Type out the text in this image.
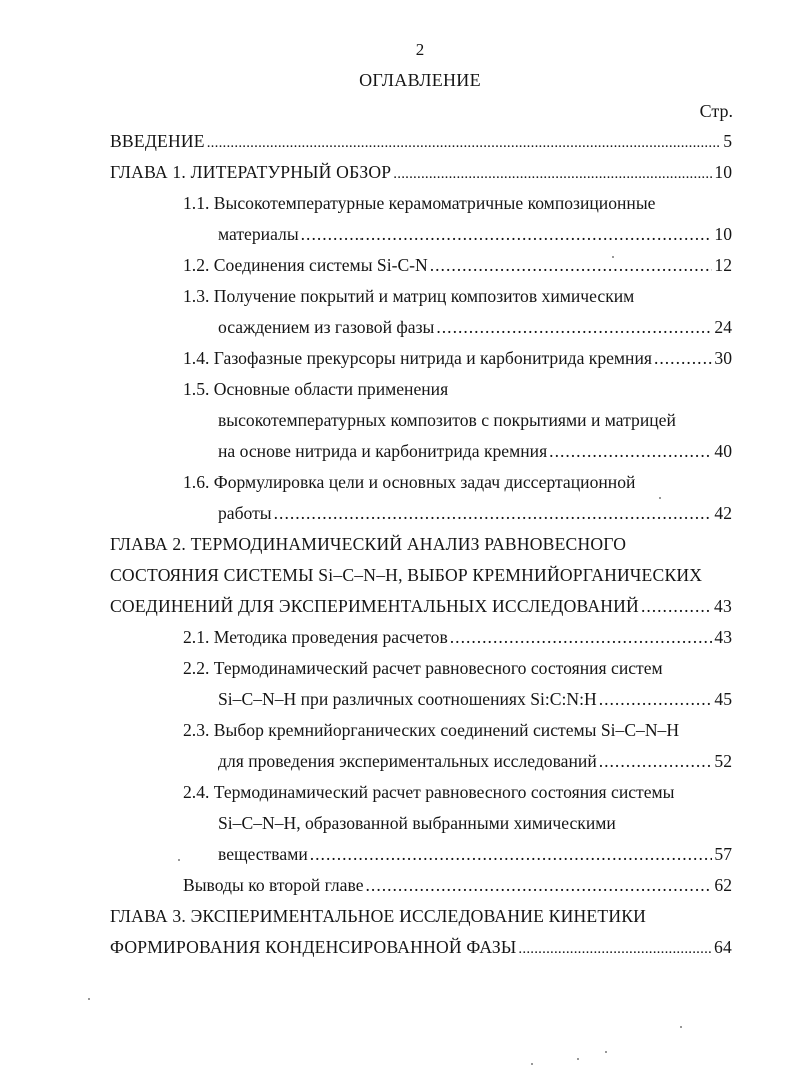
2
ОГЛАВЛЕНИЕ
Стр.
ВВЕДЕНИЕ .....	5
ГЛАВА 1. ЛИТЕРАТУРНЫЙ ОБЗОР .....	10
1.1. Высокотемпературные керамоматричные композиционные
материалы .....	10
1.2. Соединения системы Si-C-N .....	12
1.3. Получение покрытий и матриц композитов химическим
осаждением из газовой фазы .....	24
1.4. Газофазные прекурсоры нитрида и карбонитрида кремния .....	30
1.5. Основные области применения
высокотемпературных композитов с покрытиями и матрицей
на основе нитрида и карбонитрида кремния .....	40
1.6. Формулировка цели и основных задач диссертационной
работы .....	42
ГЛАВА 2. ТЕРМОДИНАМИЧЕСКИЙ АНАЛИЗ РАВНОВЕСНОГО
СОСТОЯНИЯ СИСТЕМЫ Si–C–N–H, ВЫБОР КРЕМНИЙОРГАНИЧЕСКИХ
СОЕДИНЕНИЙ ДЛЯ ЭКСПЕРИМЕНТАЛЬНЫХ ИССЛЕДОВАНИЙ .....	43
2.1. Методика проведения расчетов .....	43
2.2. Термодинамический расчет равновесного состояния систем
Si–C–N–H при различных соотношениях Si:C:N:H .....	45
2.3. Выбор кремнийорганических соединений системы Si–C–N–H
для проведения экспериментальных исследований .....	52
2.4. Термодинамический расчет равновесного состояния системы
Si–C–N–H, образованной выбранными химическими
веществами .....	57
Выводы ко второй главе .....	62
ГЛАВА 3. ЭКСПЕРИМЕНТАЛЬНОЕ ИССЛЕДОВАНИЕ КИНЕТИКИ
ФОРМИРОВАНИЯ КОНДЕНСИРОВАННОЙ ФАЗЫ .....	64
